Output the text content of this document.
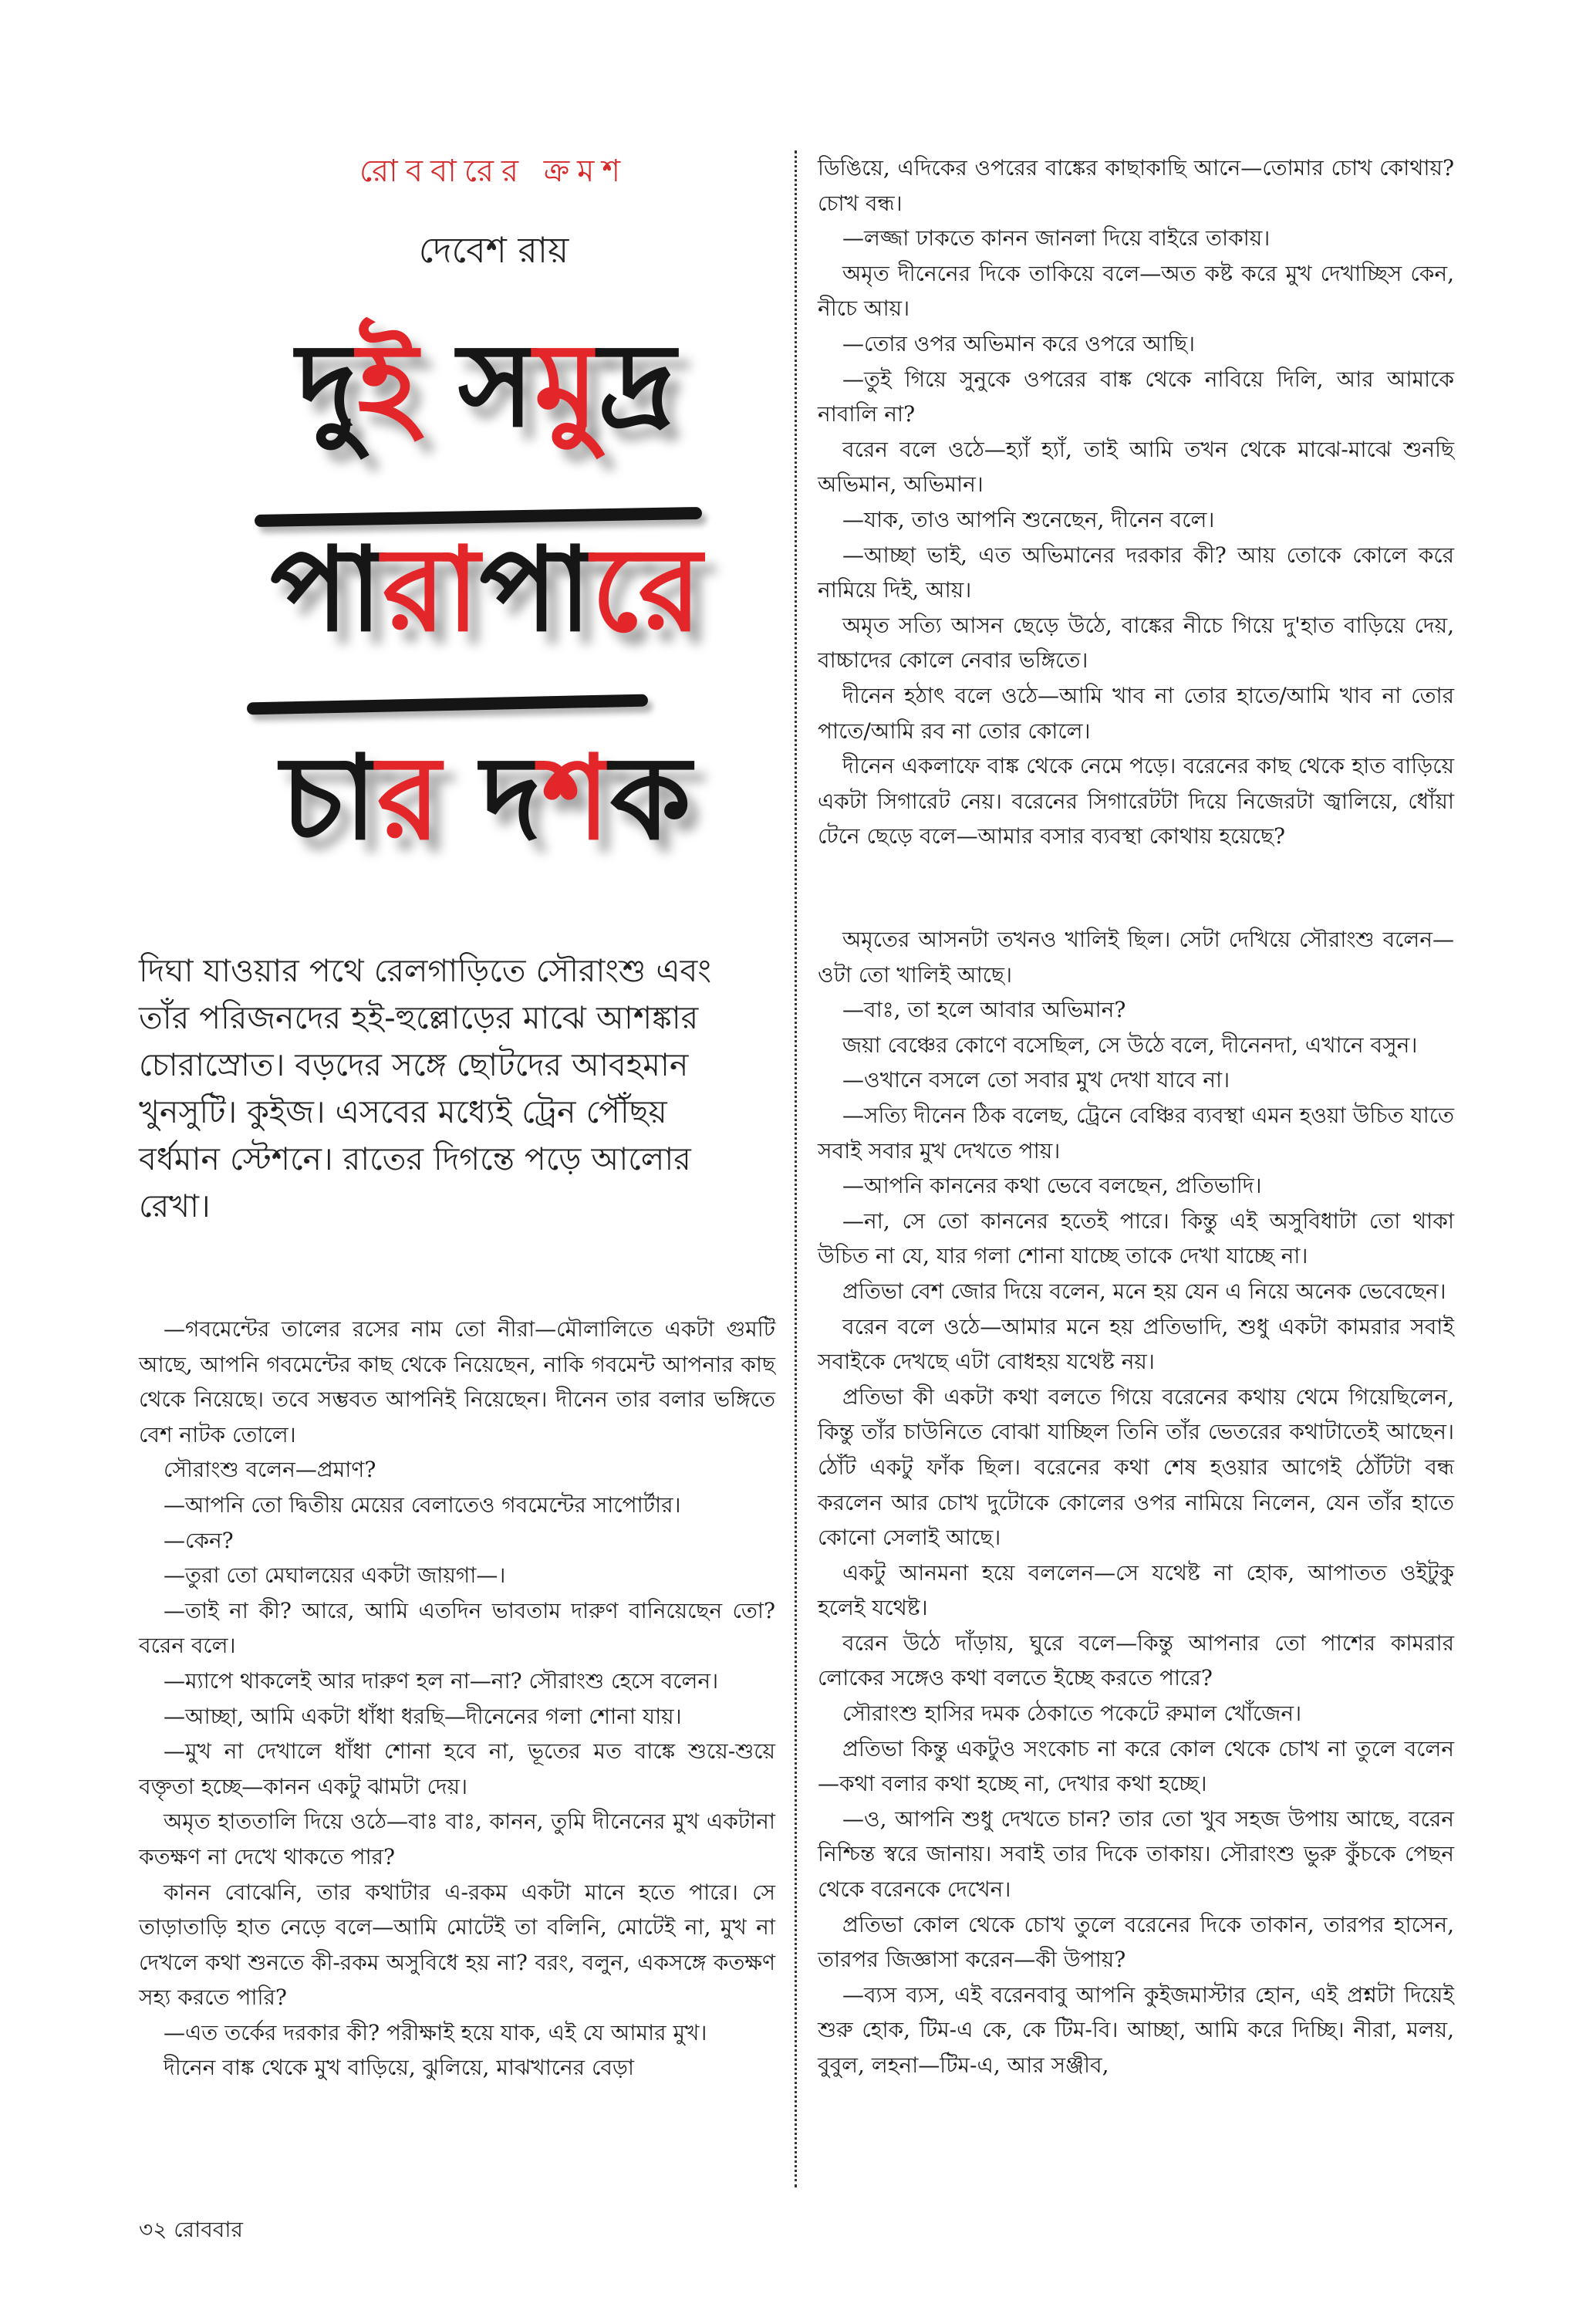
রোববারের ক্রমশ
দেবেশ রায়
দুই সমুদ্র
পারাপারে
চার দশক
দিঘা যাওয়ার পথে রেলগাড়িতে সৌরাংশু এবং তাঁর পরিজনদের হই-হুল্লোড়ের মাঝে আশঙ্কার চোরাস্রোত। বড়দের সঙ্গে ছোটদের আবহমান খুনসুটি। কুইজ। এসবের মধ্যেই ট্রেন পৌঁছয় বর্ধমান স্টেশনে। রাতের দিগন্তে পড়ে আলোর রেখা।

—গবমেন্টের তালের রসের নাম তো নীরা—মৌলালিতে একটা গুমটি আছে, আপনি গবমেন্টের কাছ থেকে নিয়েছেন, নাকি গবমেন্ট আপনার কাছ থেকে নিয়েছে। তবে সম্ভবত আপনিই নিয়েছেন। দীনেন তার বলার ভঙ্গিতে বেশ নাটক তোলে।

সৌরাংশু বলেন—প্রমাণ?

—আপনি তো দ্বিতীয় মেয়ের বেলাতেও গবমেন্টের সাপোর্টার।

—কেন?

—তুরা তো মেঘালয়ের একটা জায়গা—।

—তাই না কী? আরে, আমি এতদিন ভাবতাম দারুণ বানিয়েছেন তো? বরেন বলে।

—ম্যাপে থাকলেই আর দারুণ হল না—না? সৌরাংশু হেসে বলেন।

—আচ্ছা, আমি একটা ধাঁধা ধরছি—দীনেনের গলা শোনা যায়।

—মুখ না দেখালে ধাঁধা শোনা হবে না, ভূতের মত বাঙ্কে শুয়ে-শুয়ে বক্তৃতা হচ্ছে—কানন একটু ঝামটা দেয়।

অমৃত হাততালি দিয়ে ওঠে—বাঃ বাঃ, কানন, তুমি দীনেনের মুখ একটানা কতক্ষণ না দেখে থাকতে পার?

কানন বোঝেনি, তার কথাটার এ-রকম একটা মানে হতে পারে। সে তাড়াতাড়ি হাত নেড়ে বলে—আমি মোটেই তা বলিনি, মোটেই না, মুখ না দেখলে কথা শুনতে কী-রকম অসুবিধে হয় না? বরং, বলুন, একসঙ্গে কতক্ষণ সহ্য করতে পারি?

—এত তর্কের দরকার কী? পরীক্ষাই হয়ে যাক, এই যে আমার মুখ।

দীনেন বাঙ্ক থেকে মুখ বাড়িয়ে, ঝুলিয়ে, মাঝখানের বেড়া

ডিঙিয়ে, এদিকের ওপরের বাঙ্কের কাছাকাছি আনে—তোমার চোখ কোথায়? চোখ বন্ধ।

—লজ্জা ঢাকতে কানন জানলা দিয়ে বাইরে তাকায়।

অমৃত দীনেনের দিকে তাকিয়ে বলে—অত কষ্ট করে মুখ দেখাচ্ছিস কেন, নীচে আয়।

—তোর ওপর অভিমান করে ওপরে আছি।

—তুই গিয়ে সুনুকে ওপরের বাঙ্ক থেকে নাবিয়ে দিলি, আর আমাকে নাবালি না?

বরেন বলে ওঠে—হ্যাঁ হ্যাঁ, তাই আমি তখন থেকে মাঝে-মাঝে শুনছি অভিমান, অভিমান।

—যাক, তাও আপনি শুনেছেন, দীনেন বলে।

—আচ্ছা ভাই, এত অভিমানের দরকার কী? আয় তোকে কোলে করে নামিয়ে দিই, আয়।

অমৃত সত্যি আসন ছেড়ে উঠে, বাঙ্কের নীচে গিয়ে দু'হাত বাড়িয়ে দেয়, বাচ্চাদের কোলে নেবার ভঙ্গিতে।

দীনেন হঠাৎ বলে ওঠে—আমি খাব না তোর হাতে/আমি খাব না তোর পাতে/আমি রব না তোর কোলে।

দীনেন একলাফে বাঙ্ক থেকে নেমে পড়ে। বরেনের কাছ থেকে হাত বাড়িয়ে একটা সিগারেট নেয়। বরেনের সিগারেটটা দিয়ে নিজেরটা জ্বালিয়ে, ধোঁয়া টেনে ছেড়ে বলে—আমার বসার ব্যবস্থা কোথায় হয়েছে?

অমৃতের আসনটা তখনও খালিই ছিল। সেটা দেখিয়ে সৌরাংশু বলেন—ওটা তো খালিই আছে।

—বাঃ, তা হলে আবার অভিমান?

জয়া বেঞ্চের কোণে বসেছিল, সে উঠে বলে, দীনেনদা, এখানে বসুন।

—ওখানে বসলে তো সবার মুখ দেখা যাবে না।

—সত্যি দীনেন ঠিক বলেছ, ট্রেনে বেঞ্চির ব্যবস্থা এমন হওয়া উচিত যাতে সবাই সবার মুখ দেখতে পায়।

—আপনি কাননের কথা ভেবে বলছেন, প্রতিভাদি।

—না, সে তো কাননের হতেই পারে। কিন্তু এই অসুবিধাটা তো থাকা উচিত না যে, যার গলা শোনা যাচ্ছে তাকে দেখা যাচ্ছে না।

প্রতিভা বেশ জোর দিয়ে বলেন, মনে হয় যেন এ নিয়ে অনেক ভেবেছেন।

বরেন বলে ওঠে—আমার মনে হয় প্রতিভাদি, শুধু একটা কামরার সবাই সবাইকে দেখছে এটা বোধহয় যথেষ্ট নয়।

প্রতিভা কী একটা কথা বলতে গিয়ে বরেনের কথায় থেমে গিয়েছিলেন, কিন্তু তাঁর চাউনিতে বোঝা যাচ্ছিল তিনি তাঁর ভেতরের কথাটাতেই আছেন। ঠোঁট একটু ফাঁক ছিল। বরেনের কথা শেষ হওয়ার আগেই ঠোঁটটা বন্ধ করলেন আর চোখ দুটোকে কোলের ওপর নামিয়ে নিলেন, যেন তাঁর হাতে কোনো সেলাই আছে।

একটু আনমনা হয়ে বললেন—সে যথেষ্ট না হোক, আপাতত ওইটুকু হলেই যথেষ্ট।

বরেন উঠে দাঁড়ায়, ঘুরে বলে—কিন্তু আপনার তো পাশের কামরার লোকের সঙ্গেও কথা বলতে ইচ্ছে করতে পারে?

সৌরাংশু হাসির দমক ঠেকাতে পকেটে রুমাল খোঁজেন।

প্রতিভা কিন্তু একটুও সংকোচ না করে কোল থেকে চোখ না তুলে বলেন—কথা বলার কথা হচ্ছে না, দেখার কথা হচ্ছে।

—ও, আপনি শুধু দেখতে চান? তার তো খুব সহজ উপায় আছে, বরেন নিশ্চিন্ত স্বরে জানায়। সবাই তার দিকে তাকায়। সৌরাংশু ভুরু কুঁচকে পেছন থেকে বরেনকে দেখেন।

প্রতিভা কোল থেকে চোখ তুলে বরেনের দিকে তাকান, তারপর হাসেন, তারপর জিজ্ঞাসা করেন—কী উপায়?

—ব্যস ব্যস, এই বরেনবাবু আপনি কুইজমাস্টার হোন, এই প্রশ্নটা দিয়েই শুরু হোক, টিম-এ কে, কে টিম-বি। আচ্ছা, আমি করে দিচ্ছি। নীরা, মলয়, বুবুল, লহনা—টিম-এ, আর সঞ্জীব,

৩২ রোববার
